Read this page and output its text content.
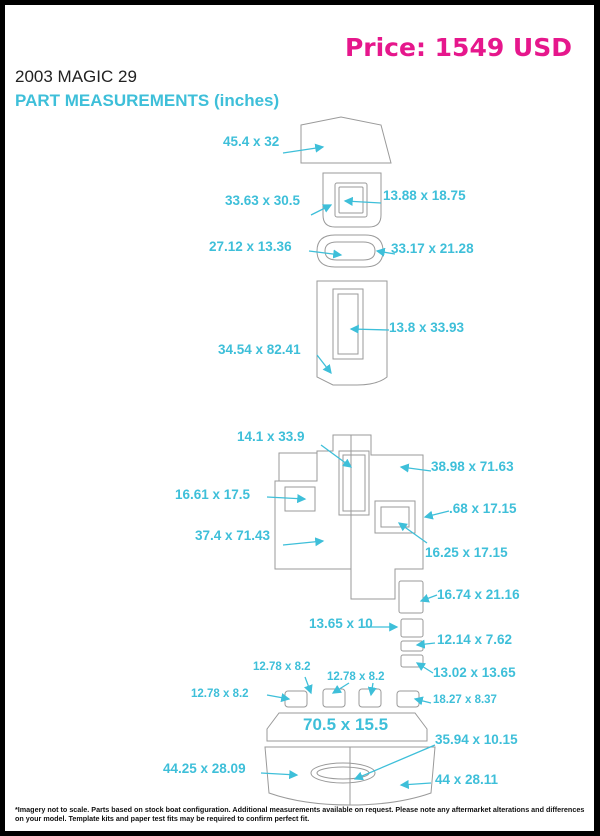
Price: 1549 USD
2003 MAGIC 29
PART MEASUREMENTS (inches)
45.4 x 32
33.63 x 30.5	13.88 x 18.75
27.12 x 13.36	33.17 x 21.28
13.8 x 33.93
34.54 x 82.41
14.1 x 33.9
38.98 x 71.63
16.61 x 17.5
.68 x 17.15
37.4 x 71.43
16.25 x 17.15
16.74 x 21.16
13.65 x 10
12.14 x 7.62
12.78 x 8.2
12.78 x 8.2	13.02 x 13.65
12.78 x 8.2	18.27 x 8.37
70.5 x 15.5
35.94 x 10.15
44.25 x 28.09
44 x 28.11
*Imagery not to scale. Parts based on stock boat configuration. Additional measurements available on request. Please note any aftermarket alterations and differences on your model. Template kits and paper test fits may be required to confirm perfect fit.
